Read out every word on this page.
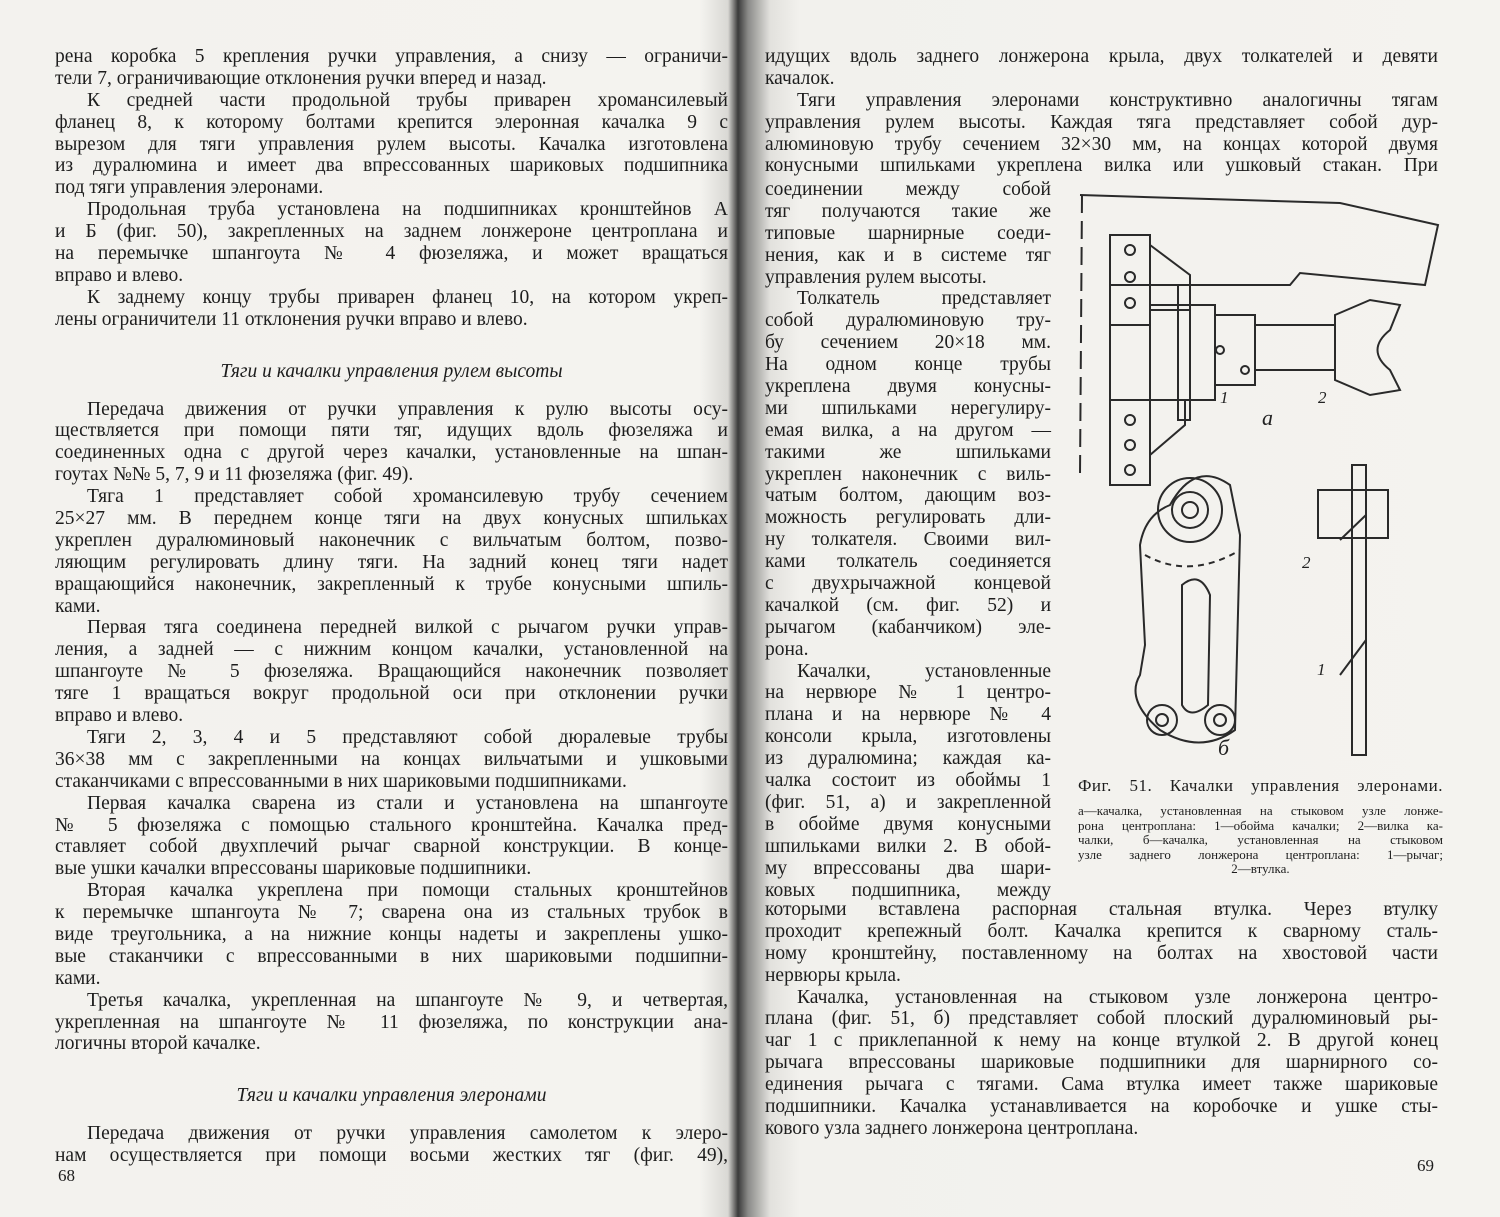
рена коробка 5 крепления ручки управления, а снизу — ограничи-
тели 7, ограничивающие отклонения ручки вперед и назад.
К средней части продольной трубы приварен хромансилевый
фланец 8, к которому болтами крепится элеронная качалка 9 с
вырезом для тяги управления рулем высоты. Качалка изготовлена
из дуралюмина и имеет два впрессованных шариковых подшипника
под тяги управления элеронами.
Продольная труба установлена на подшипниках кронштейнов А
и Б (фиг. 50), закрепленных на заднем лонжероне центроплана и
на перемычке шпангоута № 4 фюзеляжа, и может вращаться
вправо и влево.
К заднему концу трубы приварен фланец 10, на котором укреп-
лены ограничители 11 отклонения ручки вправо и влево.
Тяги и качалки управления рулем высоты
Передача движения от ручки управления к рулю высоты осу-
ществляется при помощи пяти тяг, идущих вдоль фюзеляжа и
соединенных одна с другой через качалки, установленные на шпан-
гоутах №№ 5, 7, 9 и 11 фюзеляжа (фиг. 49).
Тяга 1 представляет собой хромансилевую трубу сечением
25×27 мм. В переднем конце тяги на двух конусных шпильках
укреплен дуралюминовый наконечник с вильчатым болтом, позво-
ляющим регулировать длину тяги. На задний конец тяги надет
вращающийся наконечник, закрепленный к трубе конусными шпиль-
ками.
Первая тяга соединена передней вилкой с рычагом ручки управ-
ления, а задней — с нижним концом качалки, установленной на
шпангоуте № 5 фюзеляжа. Вращающийся наконечник позволяет
тяге 1 вращаться вокруг продольной оси при отклонении ручки
вправо и влево.
Тяги 2, 3, 4 и 5 представляют собой дюралевые трубы
36×38 мм с закрепленными на концах вильчатыми и ушковыми
стаканчиками с впрессованными в них шариковыми подшипниками.
Первая качалка сварена из стали и установлена на шпангоуте
№ 5 фюзеляжа с помощью стального кронштейна. Качалка пред-
ставляет собой двухплечий рычаг сварной конструкции. В конце-
вые ушки качалки впрессованы шариковые подшипники.
Вторая качалка укреплена при помощи стальных кронштейнов
к перемычке шпангоута № 7; сварена она из стальных трубок в
виде треугольника, а на нижние концы надеты и закреплены ушко-
вые стаканчики с впрессованными в них шариковыми подшипни-
ками.
Третья качалка, укрепленная на шпангоуте № 9, и четвертая,
укрепленная на шпангоуте № 11 фюзеляжа, по конструкции ана-
логичны второй качалке.
Тяги и качалки управления элеронами
Передача движения от ручки управления самолетом к элеро-
нам осуществляется при помощи восьми жестких тяг (фиг. 49),
68
идущих вдоль заднего лонжерона крыла, двух толкателей и девяти
качалок.
Тяги управления элеронами конструктивно аналогичны тягам
управления рулем высоты. Каждая тяга представляет собой дур-
алюминовую трубу сечением 32×30 мм, на концах которой двумя
конусными шпильками укреплена вилка или ушковый стакан. При
соединении между собой
тяг получаются такие же
типовые шарнирные соеди-
нения, как и в системе тяг
управления рулем высоты.
Толкатель представляет
собой дуралюминовую тру-
бу сечением 20×18 мм.
На одном конце трубы
укреплена двумя конусны-
ми шпильками нерегулиру-
емая вилка, а на другом —
такими же шпильками
укреплен наконечник с виль-
чатым болтом, дающим воз-
можность регулировать дли-
ну толкателя. Своими вил-
ками толкатель соединяется
с двухрычажной концевой
качалкой (см. фиг. 52) и
рычагом (кабанчиком) эле-
рона.
Качалки, установленные
на нервюре № 1 центро-
плана и на нервюре № 4
консоли крыла, изготовлены
из дуралюмина; каждая ка-
чалка состоит из обоймы 1
(фиг. 51, а) и закрепленной
в обойме двумя конусными
шпильками вилки 2. В обой-
му впрессованы два шари-
ковых подшипника, между
которыми вставлена распорная стальная втулка. Через втулку
проходит крепежный болт. Качалка крепится к сварному сталь-
ному кронштейну, поставленному на болтах на хвостовой части
нервюры крыла.
Качалка, установленная на стыковом узле лонжерона центро-
плана (фиг. 51, б) представляет собой плоский дуралюминовый ры-
чаг 1 с приклепанной к нему на конце втулкой 2. В другой конец
рычага впрессованы шариковые подшипники для шарнирного со-
единения рычага с тягами. Сама втулка имеет также шариковые
подшипники. Качалка устанавливается на коробочке и ушке сты-
кового узла заднего лонжерона центроплана.
69
1	2
а
2
1
б
Фиг. 51. Качалки управления элеронами.
а—качалка, установленная на стыковом узле лонже-
рона центроплана: 1—обойма качалки; 2—вилка ка-
чалки, б—качалка, установленная на стыковом
узле заднего лонжерона центроплана: 1—рычаг;
2—втулка.
